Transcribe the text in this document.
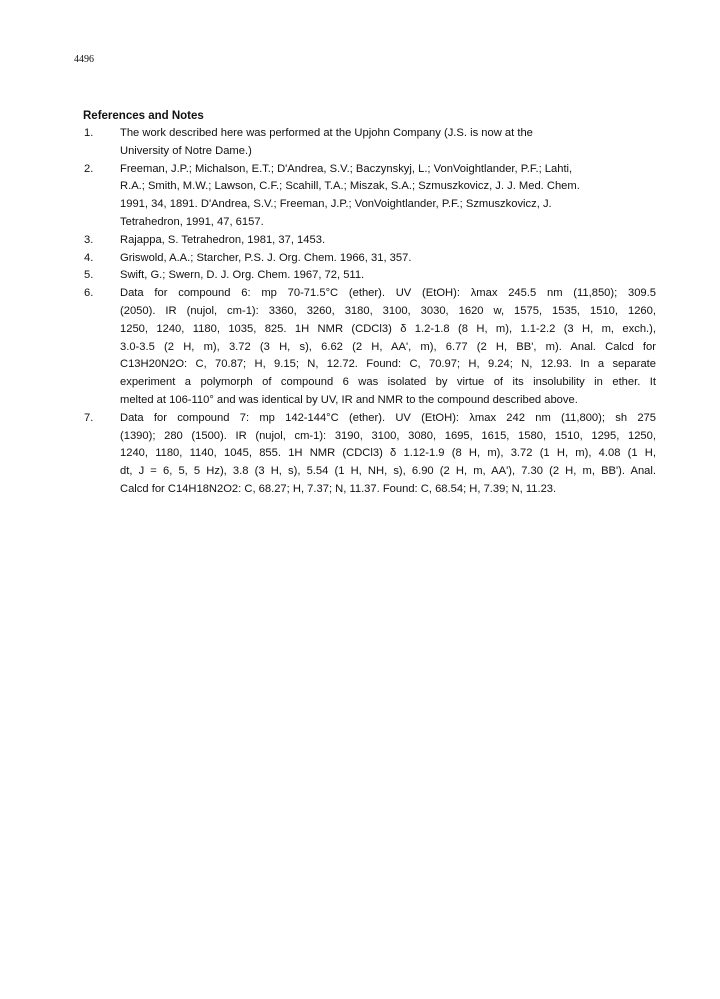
4496
References and Notes
1.	The work described here was performed at the Upjohn Company (J.S. is now at the
University of Notre Dame.)
2.	Freeman, J.P.; Michalson, E.T.; D'Andrea, S.V.; Baczynskyj, L.; VonVoightlander, P.F.; Lahti,
R.A.; Smith, M.W.; Lawson, C.F.; Scahill, T.A.; Miszak, S.A.; Szmuszkovicz, J. J. Med. Chem.
1991, 34, 1891. D'Andrea, S.V.; Freeman, J.P.; VonVoightlander, P.F.; Szmuszkovicz, J.
Tetrahedron, 1991, 47, 6157.
3.	Rajappa, S. Tetrahedron, 1981, 37, 1453.
4.	Griswold, A.A.; Starcher, P.S. J. Org. Chem. 1966, 31, 357.
5.	Swift, G.; Swern, D. J. Org. Chem. 1967, 72, 511.
6.	Data for compound 6: mp 70-71.5°C (ether). UV (EtOH): λmax 245.5 nm (11,850); 309.5
(2050). IR (nujol, cm-1): 3360, 3260, 3180, 3100, 3030, 1620 w, 1575, 1535, 1510, 1260,
1250, 1240, 1180, 1035, 825. 1H NMR (CDCl3) δ 1.2-1.8 (8 H, m), 1.1-2.2 (3 H, m, exch.),
3.0-3.5 (2 H, m), 3.72 (3 H, s), 6.62 (2 H, AA', m), 6.77 (2 H, BB', m). Anal. Calcd for
C13H20N2O: C, 70.87; H, 9.15; N, 12.72. Found: C, 70.97; H, 9.24; N, 12.93. In a separate
experiment a polymorph of compound 6 was isolated by virtue of its insolubility in ether. It
melted at 106-110° and was identical by UV, IR and NMR to the compound described above.
7.	Data for compound 7: mp 142-144°C (ether). UV (EtOH): λmax 242 nm (11,800); sh 275
(1390); 280 (1500). IR (nujol, cm-1): 3190, 3100, 3080, 1695, 1615, 1580, 1510, 1295, 1250,
1240, 1180, 1140, 1045, 855. 1H NMR (CDCl3) δ 1.12-1.9 (8 H, m), 3.72 (1 H, m), 4.08 (1 H,
dt, J = 6, 5, 5 Hz), 3.8 (3 H, s), 5.54 (1 H, NH, s), 6.90 (2 H, m, AA'), 7.30 (2 H, m, BB'). Anal.
Calcd for C14H18N2O2: C, 68.27; H, 7.37; N, 11.37. Found: C, 68.54; H, 7.39; N, 11.23.
